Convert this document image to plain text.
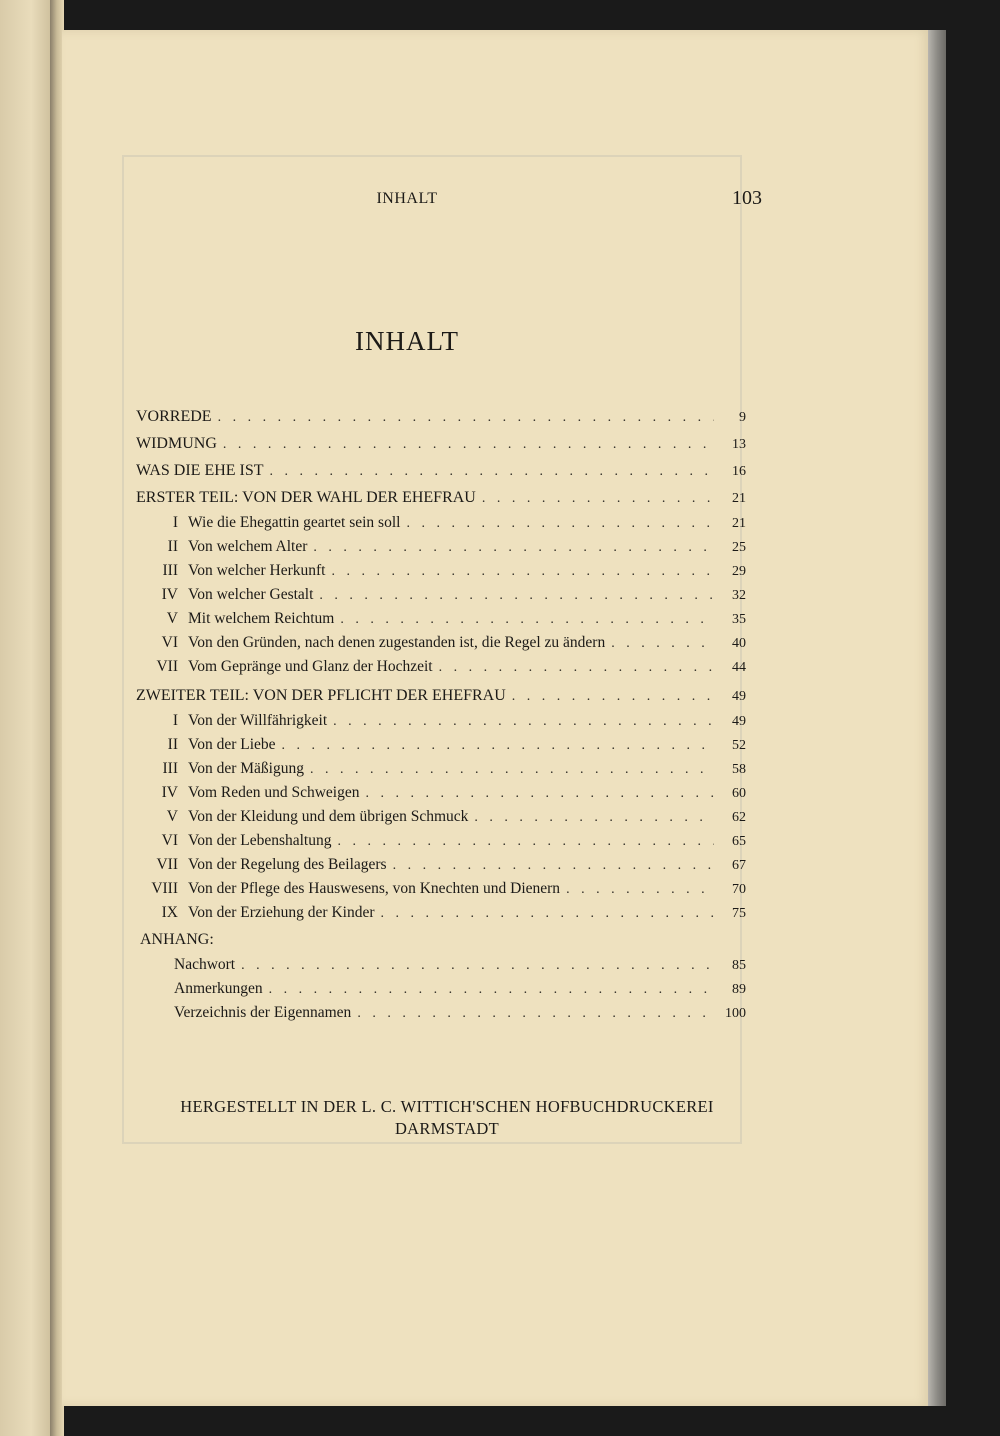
INHALT	103
INHALT
VORREDE . . .	9
WIDMUNG . . .	13
WAS DIE EHE IST . . .	16
ERSTER TEIL: VON DER WAHL DER EHEFRAU . . .	21
I Wie die Ehegattin geartet sein soll . . .	21
II Von welchem Alter . . .	25
III Von welcher Herkunft . . .	29
IV Von welcher Gestalt . . .	32
V Mit welchem Reichtum . . .	35
VI Von den Gründen, nach denen zugestanden ist, die Regel zu ändern . . .	40
VII Vom Gepränge und Glanz der Hochzeit . . .	44
ZWEITER TEIL: VON DER PFLICHT DER EHEFRAU . . .	49
I Von der Willfährigkeit . . .	49
II Von der Liebe . . .	52
III Von der Mäßigung . . .	58
IV Vom Reden und Schweigen . . .	60
V Von der Kleidung und dem übrigen Schmuck . . .	62
VI Von der Lebenshaltung . . .	65
VII Von der Regelung des Beilagers . . .	67
VIII Von der Pflege des Hauswesens, von Knechten und Dienern . . .	70
IX Von der Erziehung der Kinder . . .	75
ANHANG:
Nachwort . . .	85
Anmerkungen . . .	89
Verzeichnis der Eigennamen . . .	100
HERGESTELLT IN DER L. C. WITTICH'SCHEN HOFBUCHDRUCKEREI
DARMSTADT
